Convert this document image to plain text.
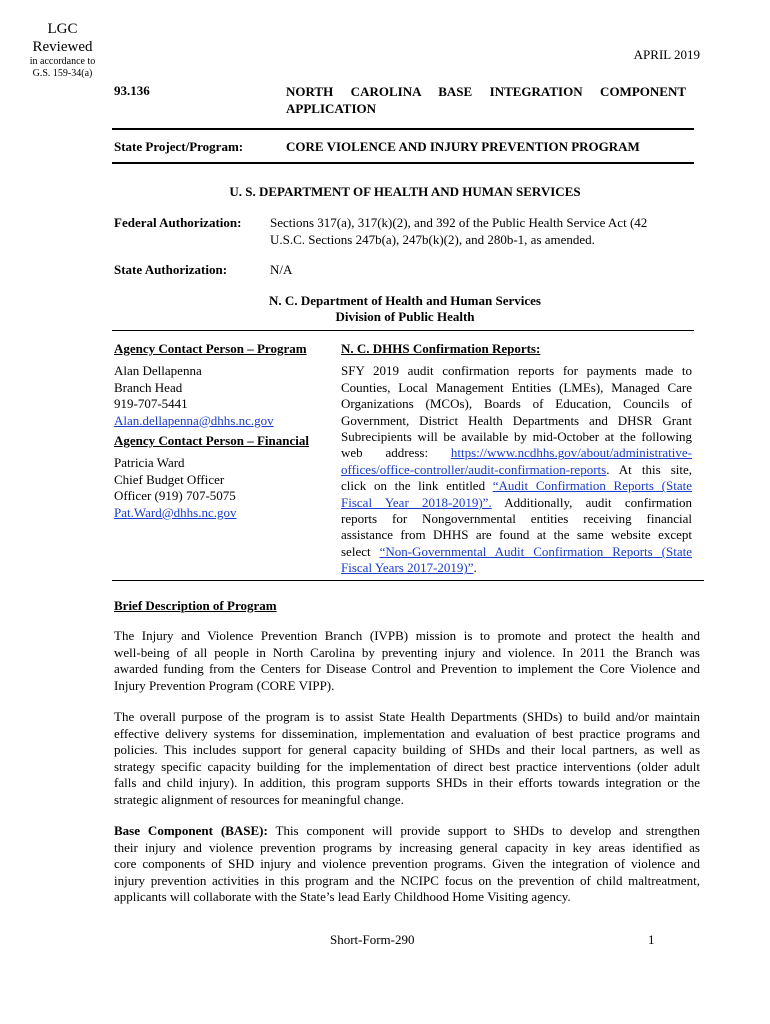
LGC
Reviewed
in accordance to
G.S. 159-34(a)
APRIL 2019
93.136	NORTH CAROLINA BASE INTEGRATION COMPONENT
APPLICATION
State Project/Program:	CORE VIOLENCE AND INJURY PREVENTION PROGRAM
U. S. DEPARTMENT OF HEALTH AND HUMAN SERVICES
Federal Authorization: Sections 317(a), 317(k)(2), and 392 of the Public Health Service Act (42
U.S.C. Sections 247b(a), 247b(k)(2), and 280b-1, as amended.
State Authorization:	N/A
N. C. Department of Health and Human Services
Division of Public Health
Agency Contact Person – Program
Alan Dellapenna
Branch Head
919-707-5441
Alan.dellapenna@dhhs.nc.gov
Agency Contact Person – Financial
Patricia Ward
Chief Budget Officer
Officer (919) 707-5075
Pat.Ward@dhhs.nc.gov
N. C. DHHS Confirmation Reports:
SFY 2019 audit confirmation reports for payments made to
Counties, Local Management Entities (LMEs), Managed Care
Organizations (MCOs), Boards of Education, Councils of
Government, District Health Departments and DHSR Grant
Subrecipients will be available by mid-October at the following
web address: https://www.ncdhhs.gov/about/administrative-
offices/office-controller/audit-confirmation-reports. At this site,
click on the link entitled “Audit Confirmation Reports (State
Fiscal Year 2018-2019)”. Additionally, audit confirmation
reports for Nongovernmental entities receiving financial
assistance from DHHS are found at the same website except
select “Non-Governmental Audit Confirmation Reports (State
Fiscal Years 2017-2019)”.
Brief Description of Program
The Injury and Violence Prevention Branch (IVPB) mission is to promote and protect the health and
well-being of all people in North Carolina by preventing injury and violence. In 2011 the Branch was
awarded funding from the Centers for Disease Control and Prevention to implement the Core Violence and
Injury Prevention Program (CORE VIPP).
The overall purpose of the program is to assist State Health Departments (SHDs) to build and/or maintain
effective delivery systems for dissemination, implementation and evaluation of best practice programs and
policies. This includes support for general capacity building of SHDs and their local partners, as well as
strategy specific capacity building for the implementation of direct best practice interventions (older adult
falls and child injury). In addition, this program supports SHDs in their efforts towards integration or the
strategic alignment of resources for meaningful change.
Base Component (BASE): This component will provide support to SHDs to develop and strengthen
their injury and violence prevention programs by increasing general capacity in key areas identified as
core components of SHD injury and violence prevention programs. Given the integration of violence and
injury prevention activities in this program and the NCIPC focus on the prevention of child maltreatment,
applicants will collaborate with the State’s lead Early Childhood Home Visiting agency.
Short-Form-290	1
